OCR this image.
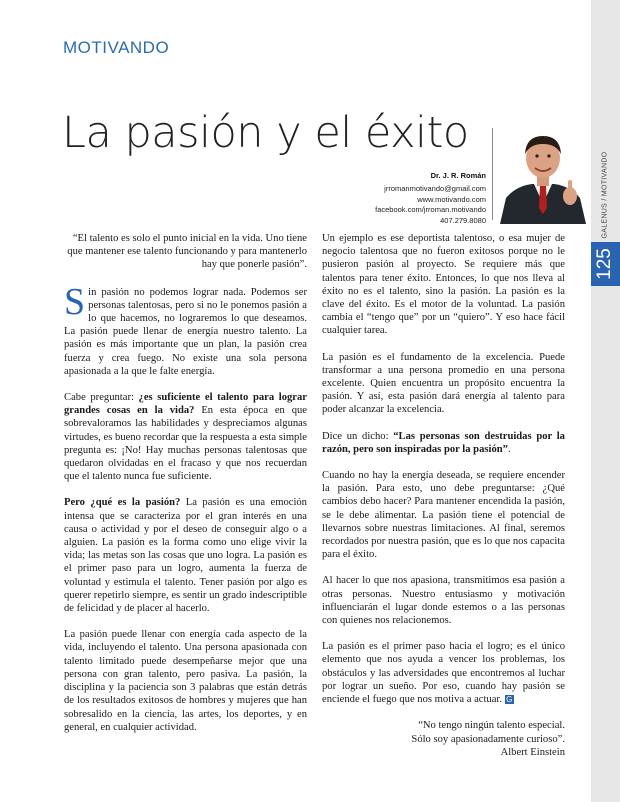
MOTIVANDO
La pasión y el éxito
Dr. J. R. Román
jrromanmotivando@gmail.com
www.motivando.com
facebook.com/jrroman.motivando
407.279.8080	GALENUS / MOTIVANDO
125

“El talento es solo el punto inicial en la vida. Uno tiene que mantener ese talento funcionando y para mantenerlo hay que ponerle pasión”.

Sin pasión no podemos lograr nada. Podemos ser personas talentosas, pero si no le ponemos pasión a lo que hacemos, no lograremos lo que deseamos. La pasión puede llenar de energía nuestro talento. La pasión es más importante que un plan, la pasión crea fuerza y crea fuego. No existe una sola persona apasionada a la que le falte energía.

Cabe preguntar: ¿es suficiente el talento para lograr grandes cosas en la vida? En esta época en que sobrevaloramos las habilidades y despreciamos algunas virtudes, es bueno recordar que la respuesta a esta simple pregunta es: ¡No! Hay muchas personas talentosas que quedaron olvidadas en el fracaso y que nos recuerdan que el talento nunca fue suficiente.

Pero ¿qué es la pasión? La pasión es una emoción intensa que se caracteriza por el gran interés en una causa o actividad y por el deseo de conseguir algo o a alguien. La pasión es la forma como uno elige vivir la vida; las metas son las cosas que uno logra. La pasión es el primer paso para un logro, aumenta la fuerza de voluntad y estimula el talento. Tener pasión por algo es querer repetirlo siempre, es sentir un grado indescriptible de felicidad y de placer al hacerlo.

La pasión puede llenar con energía cada aspecto de la vida, incluyendo el talento. Una persona apasionada con talento limitado puede desempeñarse mejor que una persona con gran talento, pero pasiva. La pasión, la disciplina y la paciencia son 3 palabras que están detrás de los resultados exitosos de hombres y mujeres que han sobresalido en la ciencia, las artes, los deportes, y en general, en cualquier actividad.

Un ejemplo es ese deportista talentoso, o esa mujer de negocio talentosa que no fueron exitosos porque no le pusieron pasión al proyecto. Se requiere más que talentos para tener éxito. Entonces, lo que nos lleva al éxito no es el talento, sino la pasión. La pasión es la clave del éxito. Es el motor de la voluntad. La pasión cambia el “tengo que” por un “quiero”. Y eso hace fácil cualquier tarea.

La pasión es el fundamento de la excelencia. Puede transformar a una persona promedio en una persona excelente. Quien encuentra un propósito encuentra la pasión. Y así, esta pasión dará energía al talento para poder alcanzar la excelencia.

Dice un dicho: “Las personas son destruidas por la razón, pero son inspiradas por la pasión”.

Cuando no hay la energía deseada, se requiere encender la pasión. Para esto, uno debe preguntarse: ¿Qué cambios debo hacer? Para mantener encendida la pasión, se le debe alimentar. La pasión tiene el potencial de llevarnos sobre nuestras limitaciones. Al final, seremos recordados por nuestra pasión, que es lo que nos capacita para el éxito.

Al hacer lo que nos apasiona, transmitimos esa pasión a otras personas. Nuestro entusiasmo y motivación influenciarán el lugar donde estemos o a las personas con quienes nos relacionemos.

La pasión es el primer paso hacia el logro; es el único elemento que nos ayuda a vencer los problemas, los obstáculos y las adversidades que encontremos al luchar por lograr un sueño. Por eso, cuando hay pasión se enciende el fuego que nos motiva a actuar. G

“No tengo ningún talento especial.
Sólo soy apasionadamente curioso”.
Albert Einstein
